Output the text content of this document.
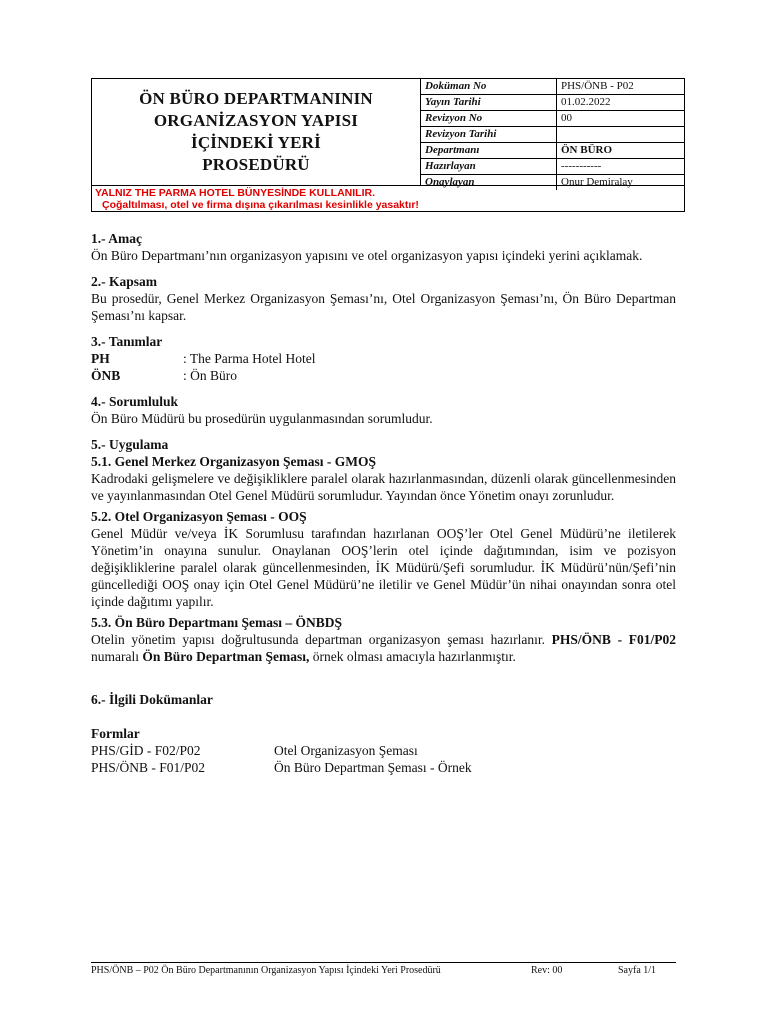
ÖN BÜRO DEPARTMANININ
ORGANİZASYON YAPISI
İÇİNDEKİ YERİ
PROSEDÜRÜ
Doküman No	PHS/ÖNB - P02
Yayın Tarihi	01.02.2022
Revizyon No	00
Revizyon Tarihi
Departmanı	ÖN BÜRO
Hazırlayan	-----------
Onaylayan	Onur Demiralay
YALNIZ THE PARMA HOTEL BÜNYESİNDE KULLANILIR.
Çoğaltılması, otel ve firma dışına çıkarılması kesinlikle yasaktır!

1.- Amaç

Ön Büro Departmanı’nın organizasyon yapısını ve otel organizasyon yapısı içindeki yerini açıklamak.

2.- Kapsam

Bu prosedür, Genel Merkez Organizasyon Şeması’nı, Otel Organizasyon Şeması’nı, Ön Büro Departman Şeması’nı kapsar.

3.- Tanımlar

PH	: The Parma Hotel Hotel
ÖNB	: Ön Büro

4.- Sorumluluk

Ön Büro Müdürü bu prosedürün uygulanmasından sorumludur.

5.- Uygulama

5.1. Genel Merkez Organizasyon Şeması - GMOŞ

Kadrodaki gelişmelere ve değişikliklere paralel olarak hazırlanmasından, düzenli olarak güncellenmesinden ve yayınlanmasından Otel Genel Müdürü sorumludur. Yayından önce Yönetim onayı zorunludur.

5.2. Otel Organizasyon Şeması - OOŞ

Genel Müdür ve/veya İK Sorumlusu tarafından hazırlanan OOŞ’ler Otel Genel Müdürü’ne iletilerek Yönetim’in onayına sunulur. Onaylanan OOŞ’lerin otel içinde dağıtımından, isim ve pozisyon değişikliklerine paralel olarak güncellenmesinden, İK Müdürü/Şefi sorumludur. İK Müdürü’nün/Şefi’nin güncellediği OOŞ onay için Otel Genel Müdürü’ne iletilir ve Genel Müdür’ün nihai onayından sonra otel içinde dağıtımı yapılır.

5.3. Ön Büro Departmanı Şeması – ÖNBDŞ

Otelin yönetim yapısı doğrultusunda departman organizasyon şeması hazırlanır. PHS/ÖNB - F01/P02 numaralı Ön Büro Departman Şeması, örnek olması amacıyla hazırlanmıştır.

6.- İlgili Dokümanlar

Formlar

PHS/GİD - F02/P02	Otel Organizasyon Şeması
PHS/ÖNB - F01/P02	Ön Büro Departman Şeması - Örnek
PHS/ÖNB – P02 Ön Büro Departmanının Organizasyon Yapısı İçindeki Yeri Prosedürü	Rev: 00	Sayfa 1/1
